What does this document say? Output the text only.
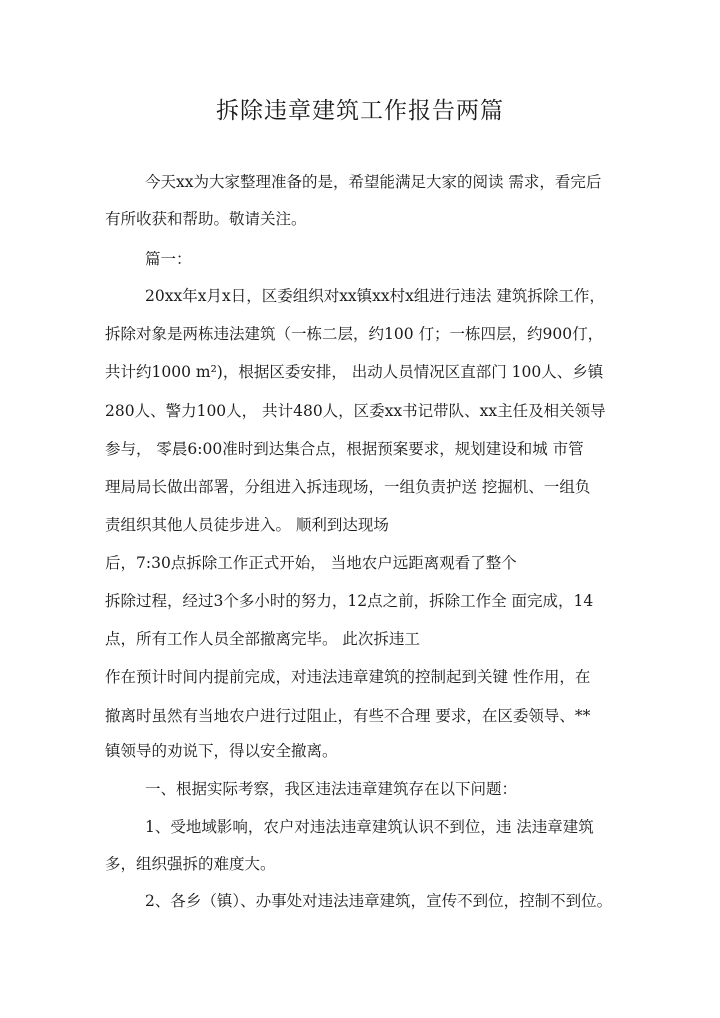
拆除违章建筑工作报告两篇
今天xx为大家整理准备的是，希望能满足大家的阅读 需求，看完后
有所收获和帮助。敬请关注。
篇一：
20xx年x月x日，区委组织对xx镇xx村x组进行违法 建筑拆除工作，
拆除对象是两栋违法建筑（一栋二层，约100 仃；一栋四层，约900仃，
共计约1000 m²)，根据区委安排， 出动人员情况区直部门 100人、乡镇
280人、警力100人， 共计480人，区委xx书记带队、xx主任及相关领导
参与， 零晨6:00准时到达集合点，根据预案要求，规划建设和城 市管
理局局长做出部署，分组进入拆违现场，一组负责护送 挖掘机、一组负
责组织其他人员徒步进入。 顺利到达现场
后，7:30点拆除工作正式开始， 当地农户远距离观看了整个
拆除过程，经过3个多小时的努力，12点之前，拆除工作全 面完成，14
点，所有工作人员全部撤离完毕。 此次拆违工
作在预计时间内提前完成，对违法违章建筑的控制起到关键 性作用，在
撤离时虽然有当地农户进行过阻止，有些不合理 要求，在区委领导、**
镇领导的劝说下，得以安全撤离。
一、根据实际考察，我区违法违章建筑存在以下问题：
1、受地域影响，农户对违法违章建筑认识不到位，违 法违章建筑
多，组织强拆的难度大。
2、各乡（镇）、办事处对违法违章建筑，宣传不到位，控制不到位。
